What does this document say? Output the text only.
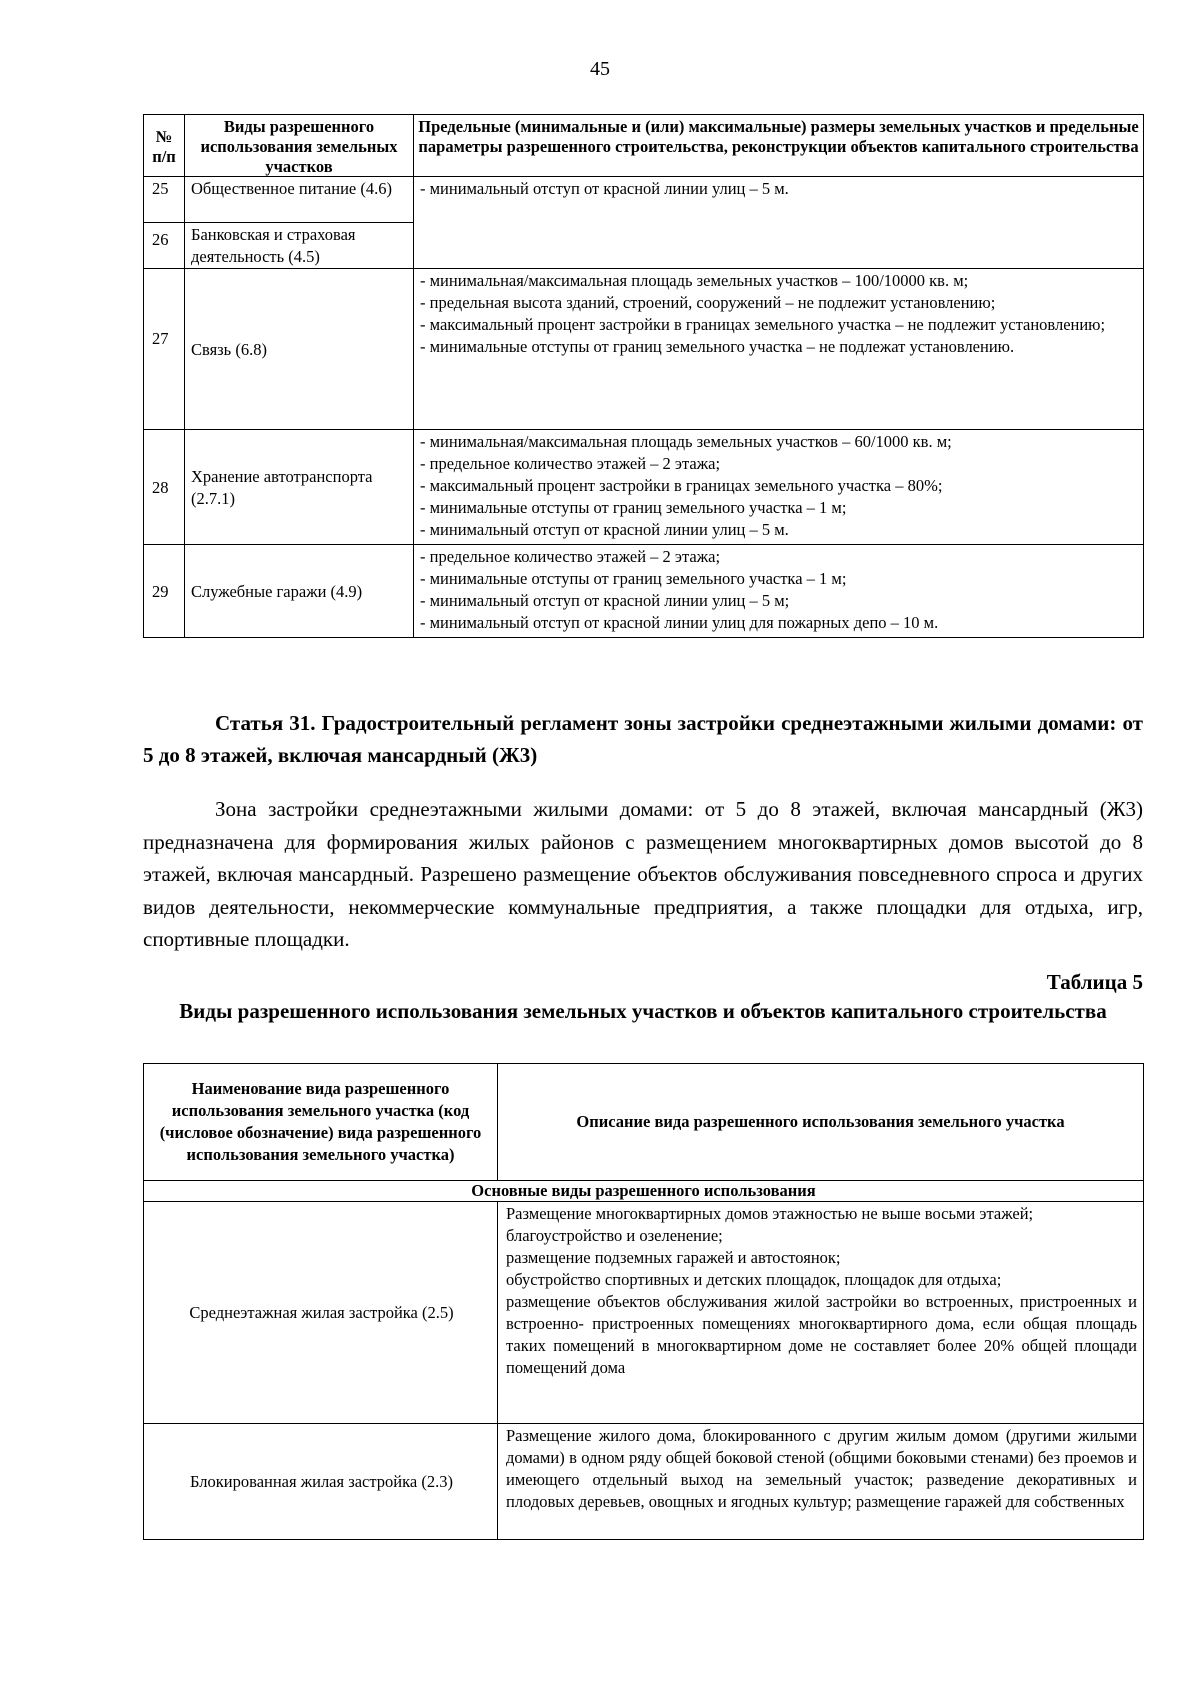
45
№ п/п	Виды разрешенного использования земельных участков	Предельные (минимальные и (или) максимальные) размеры земельных участков и предельные параметры разрешенного строительства, реконструкции объектов капитального строительства
25	Общественное питание (4.6)	- минимальный отступ от красной линии улиц – 5 м.

26	Банковская и страховая деятельность (4.5)	
27	Связь (6.8)	- минимальная/максимальная площадь земельных участков – 100/10000 кв. м;
- предельная высота зданий, строений, сооружений – не подлежит установлению;
- максимальный процент застройки в границах земельного участка – не подлежит установлению;
- минимальные отступы от границ земельного участка – не подлежат установлению.

28	Хранение автотранспорта (2.7.1)	- минимальная/максимальная площадь земельных участков – 60/1000 кв. м;
- предельное количество этажей – 2 этажа;
- максимальный процент застройки в границах земельного участка – 80%;
- минимальные отступы от границ земельного участка – 1 м;
- минимальный отступ от красной линии улиц – 5 м.

29	Служебные гаражи (4.9)	- предельное количество этажей – 2 этажа;
- минимальные отступы от границ земельного участка – 1 м;
- минимальный отступ от красной линии улиц – 5 м;
- минимальный отступ от красной линии улиц для пожарных депо – 10 м.
Статья 31. Градостроительный регламент зоны застройки среднеэтажными жилыми домами: от 5 до 8 этажей, включая мансардный (Ж3)
Зона застройки среднеэтажными жилыми домами: от 5 до 8 этажей, включая мансардный (Ж3) предназначена для формирования жилых районов с размещением многоквартирных домов высотой до 8 этажей, включая мансардный. Разрешено размещение объектов обслуживания повседневного спроса и других видов деятельности, некоммерческие коммунальные предприятия, а также площадки для отдыха, игр, спортивные площадки.
Таблица 5
Виды разрешенного использования земельных участков и объектов капитального строительства
Наименование вида разрешенного использования земельного участка (код (числовое обозначение) вида разрешенного использования земельного участка)	Описание вида разрешенного использования земельного участка
Основные виды разрешенного использования	
Среднеэтажная жилая застройка (2.5)	Размещение многоквартирных домов этажностью не выше восьми этажей;
благоустройство и озеленение;
размещение подземных гаражей и автостоянок;
обустройство спортивных и детских площадок, площадок для отдыха;
размещение объектов обслуживания жилой застройки во встроенных, пристроенных и встроенно- пристроенных помещениях многоквартирного дома, если общая площадь таких помещений в многоквартирном доме не составляет более 20% общей площади помещений дома

Блокированная жилая застройка (2.3)	Размещение жилого дома, блокированного с другим жилым домом (другими жилыми домами) в одном ряду общей боковой стеной (общими боковыми стенами) без проемов и имеющего отдельный выход на земельный участок; разведение декоративных и плодовых деревьев, овощных и ягодных культур; размещение гаражей для собственных
